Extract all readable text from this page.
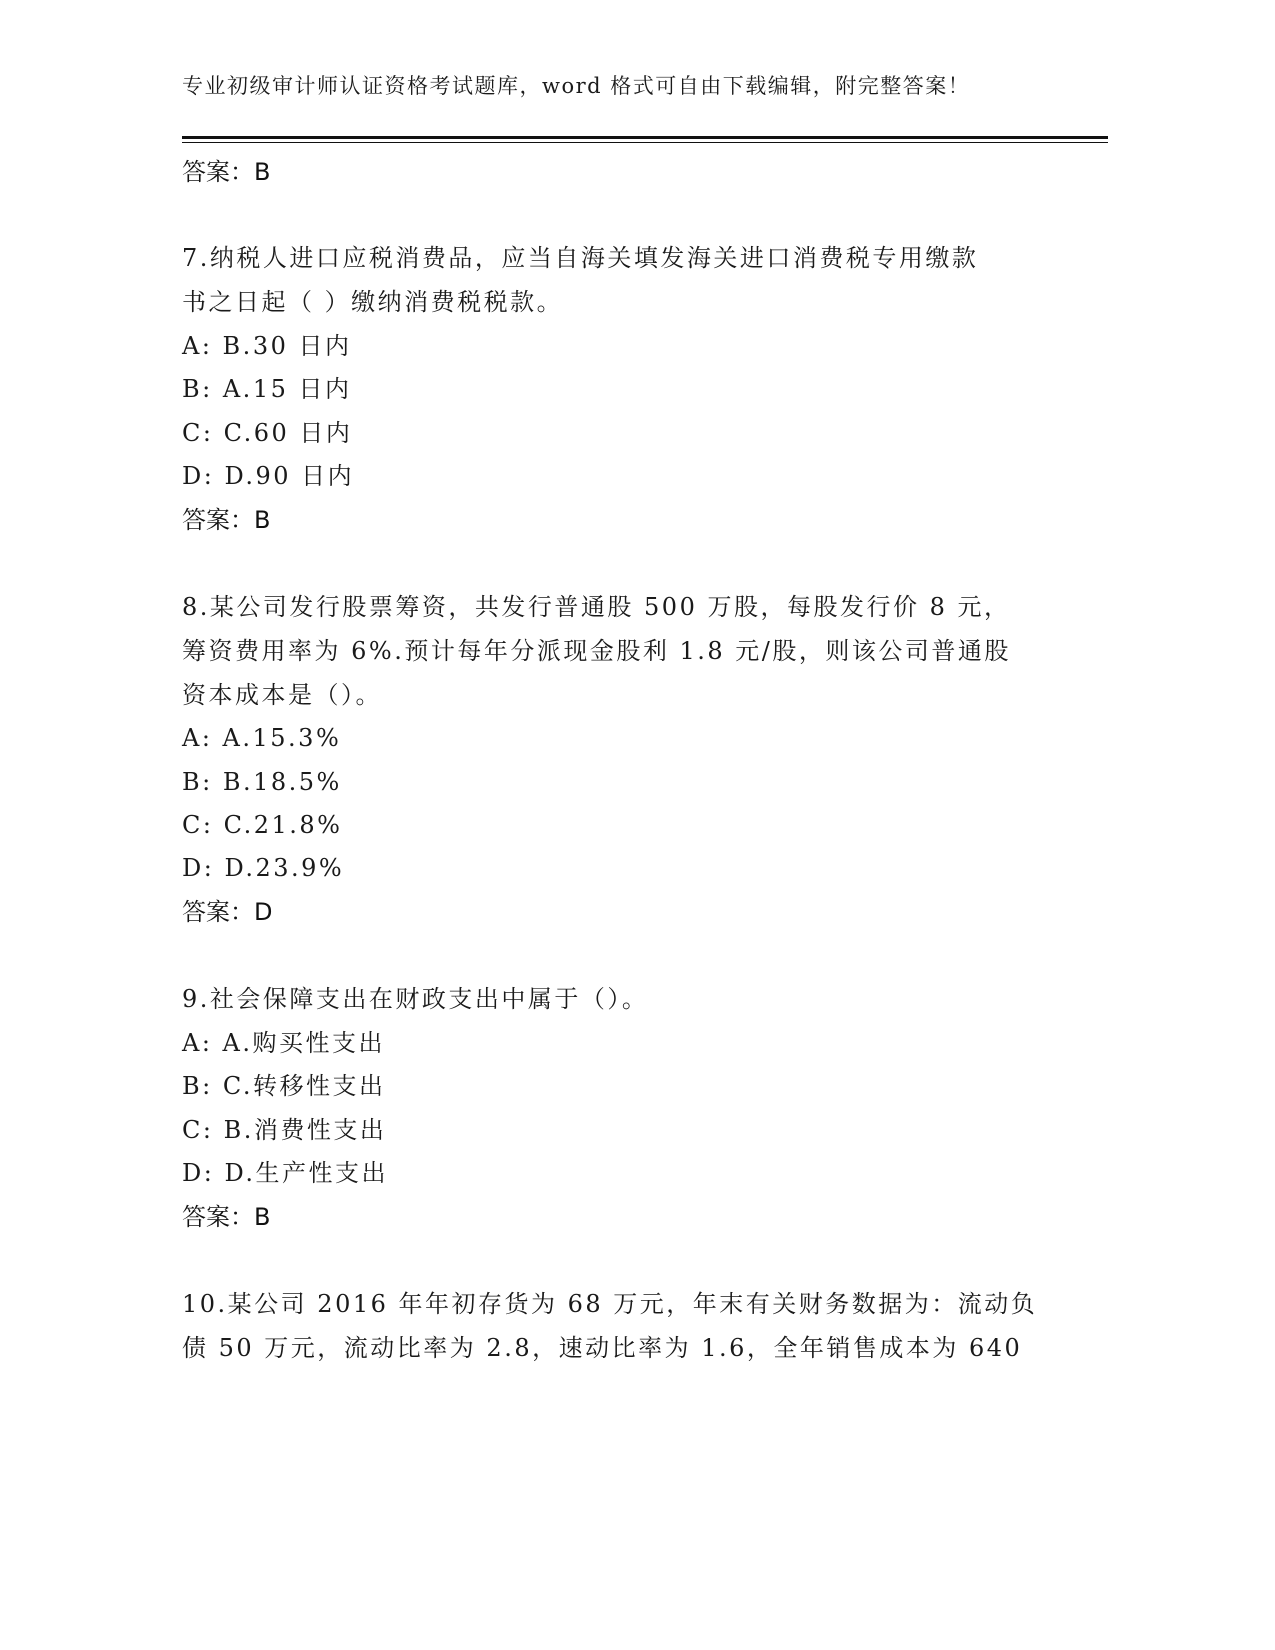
专业初级审计师认证资格考试题库，word 格式可自由下载编辑，附完整答案！
答案：B
7.纳税人进口应税消费品，应当自海关填发海关进口消费税专用缴款
书之日起（ ）缴纳消费税税款。
A: B.30 日内
B: A.15 日内
C: C.60 日内
D: D.90 日内
答案：B
8.某公司发行股票筹资，共发行普通股 500 万股，每股发行价 8 元，
筹资费用率为 6%.预计每年分派现金股利 1.8 元/股，则该公司普通股
资本成本是（）。
A: A.15.3%
B: B.18.5%
C: C.21.8%
D: D.23.9%
答案：D
9.社会保障支出在财政支出中属于（）。
A: A.购买性支出
B: C.转移性支出
C: B.消费性支出
D: D.生产性支出
答案：B
10.某公司 2016 年年初存货为 68 万元，年末有关财务数据为：流动负
债 50 万元，流动比率为 2.8，速动比率为 1.6，全年销售成本为 640
